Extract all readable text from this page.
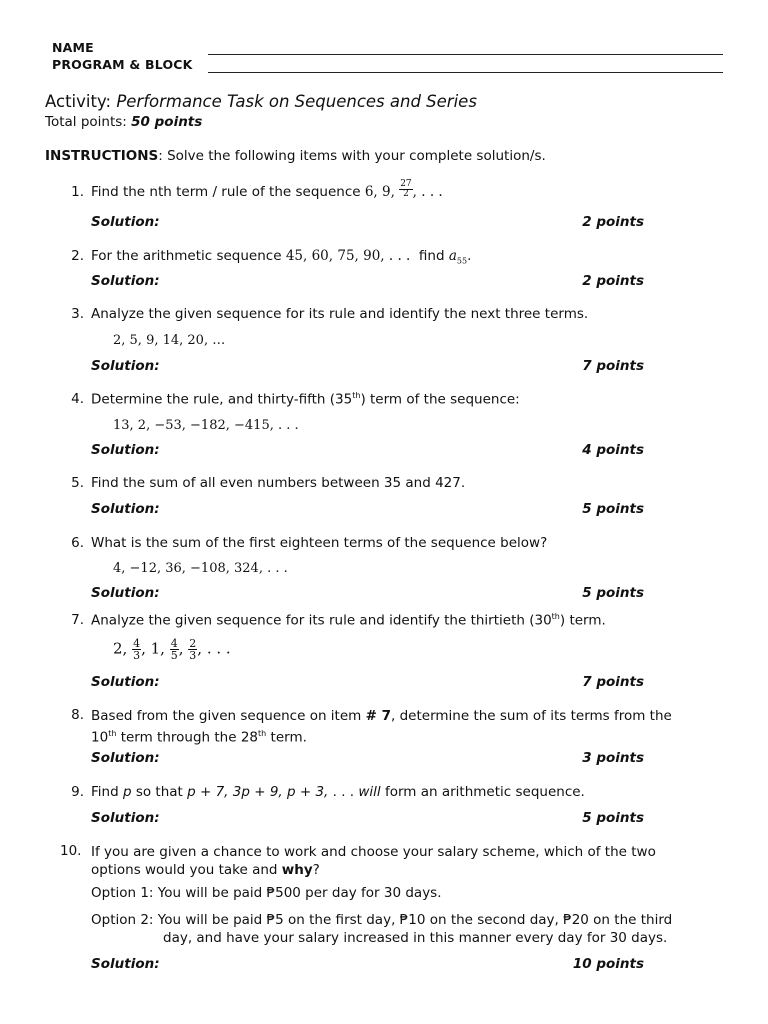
NAME
PROGRAM & BLOCK
Activity: Performance Task on Sequences and Series
Total points: 50 points
INSTRUCTIONS: Solve the following items with your complete solution/s.
1. Find the nth term / rule of the sequence 6, 9, $\frac{27}{2}$ , . . .
Solution:	2 points
2. For the arithmetic sequence 45, 60, 75, 90, . . . find $a_{55}$.
Solution:	2 points
3. Analyze the given sequence for its rule and identify the next three terms.
2, 5, 9, 14, 20, …
Solution:	7 points
4. Determine the rule, and thirty-fifth (35th) term of the sequence:
13, 2, −53, −182, −415, . . .
Solution:	4 points
5. Find the sum of all even numbers between 35 and 427.
Solution:	5 points
6. What is the sum of the first eighteen terms of the sequence below?
4, −12, 36, −108, 324, . . .
Solution:	5 points
7. Analyze the given sequence for its rule and identify the thirtieth (30th) term.
2, $\frac{4}{3}$ , 1, $\frac{4}{5}$ , $\frac{2}{3}$ , . . .
Solution:	7 points
8. Based from the given sequence on item # 7, determine the sum of its terms from the
10th term through the 28th term.
Solution:	3 points
9. Find p so that p + 7, 3p + 9, p + 3, . . . will form an arithmetic sequence.
Solution:	5 points
10. If you are given a chance to work and choose your salary scheme, which of the two
options would you take and why?
Option 1: You will be paid ₱500 per day for 30 days.
Option 2: You will be paid ₱5 on the first day, ₱10 on the second day, ₱20 on the third
day, and have your salary increased in this manner every day for 30 days.
Solution:	10 points
